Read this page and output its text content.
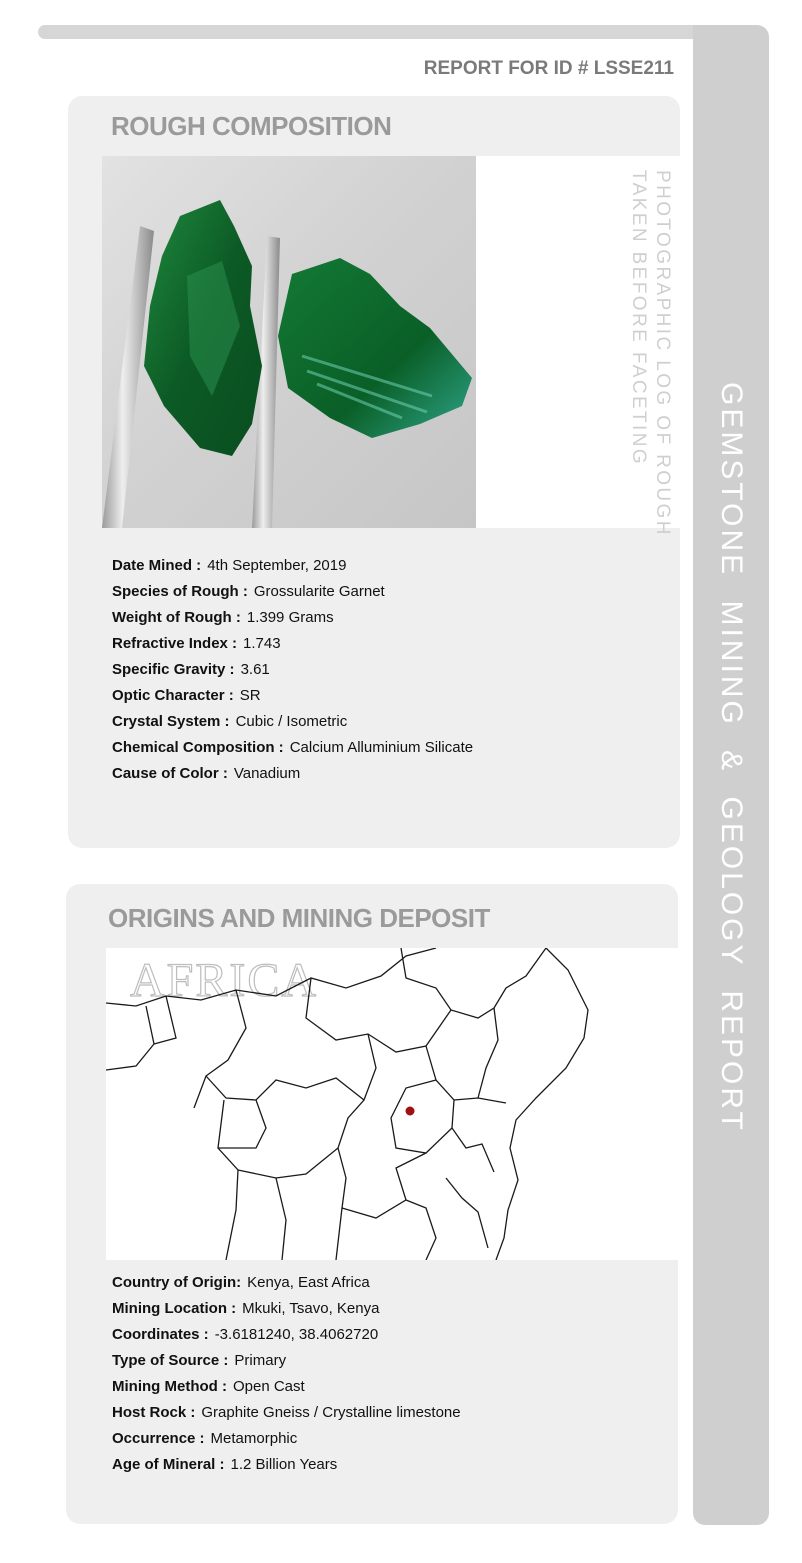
GEMSTONE MINING & GEOLOGY REPORT
REPORT FOR ID # LSSE211
ROUGH COMPOSITION
PHOTOGRAPHIC LOG OF ROUGH
TAKEN BEFORE FACETING
Date Mined : 4th September, 2019
Species of Rough : Grossularite Garnet
Weight of Rough : 1.399 Grams
Refractive Index : 1.743
Specific Gravity : 3.61
Optic Character : SR
Crystal System : Cubic / Isometric
Chemical Composition : Calcium Alluminium Silicate
Cause of Color : Vanadium
ORIGINS AND MINING DEPOSIT
AFRICA
Country of Origin: Kenya, East Africa
Mining Location : Mkuki, Tsavo, Kenya
Coordinates : -3.6181240, 38.4062720
Type of Source : Primary
Mining Method : Open Cast
Host Rock : Graphite Gneiss / Crystalline limestone
Occurrence : Metamorphic
Age of Mineral : 1.2 Billion Years
